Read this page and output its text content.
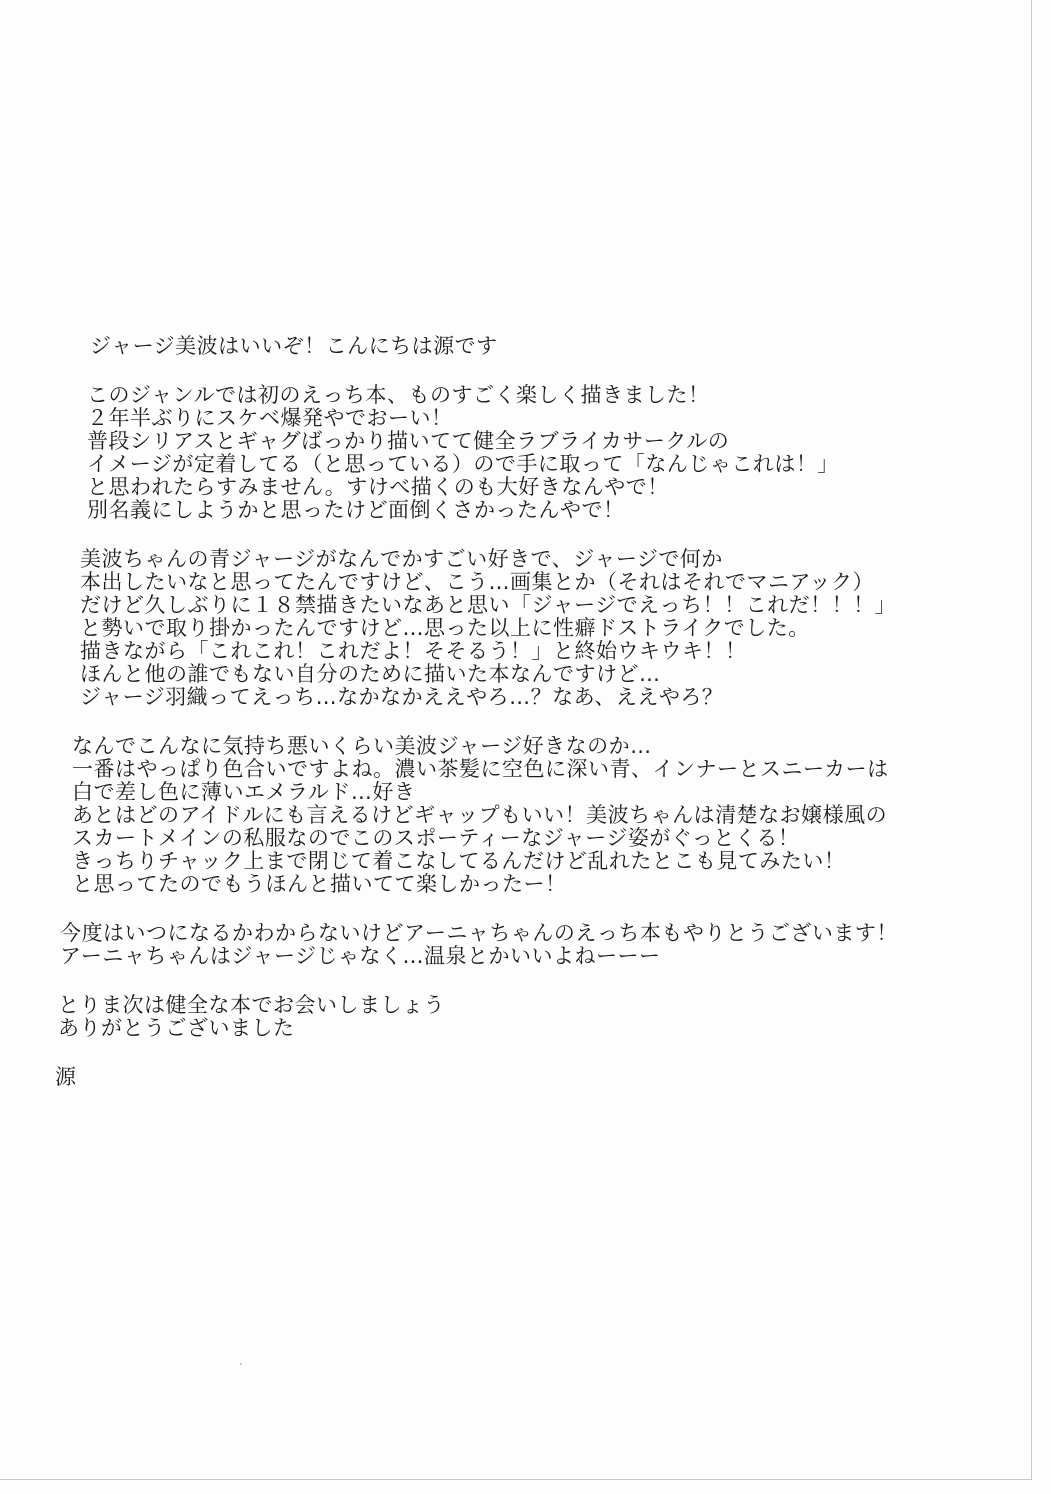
ジャージ美波はいいぞ！こんにちは源です
このジャンルでは初のえっち本、ものすごく楽しく描きました！
２年半ぶりにスケベ爆発やでおーい！
普段シリアスとギャグばっかり描いてて健全ラブライカサークルの
イメージが定着してる（と思っている）ので手に取って「なんじゃこれは！」
と思われたらすみません。すけべ描くのも大好きなんやで！
別名義にしようかと思ったけど面倒くさかったんやで！
美波ちゃんの青ジャージがなんでかすごい好きで、ジャージで何か
本出したいなと思ってたんですけど、こう…画集とか（それはそれでマニアック）
だけど久しぶりに１８禁描きたいなあと思い「ジャージでえっち！！これだ！！！」
と勢いで取り掛かったんですけど…思った以上に性癖ドストライクでした。
描きながら「これこれ！これだよ！そそるう！」と終始ウキウキ！！
ほんと他の誰でもない自分のために描いた本なんですけど…
ジャージ羽織ってえっち…なかなかええやろ…？なあ、ええやろ？
なんでこんなに気持ち悪いくらい美波ジャージ好きなのか…
一番はやっぱり色合いですよね。濃い茶髪に空色に深い青、インナーとスニーカーは
白で差し色に薄いエメラルド…好き
あとはどのアイドルにも言えるけどギャップもいい！美波ちゃんは清楚なお嬢様風の
スカートメインの私服なのでこのスポーティーなジャージ姿がぐっとくる！
きっちりチャック上まで閉じて着こなしてるんだけど乱れたとこも見てみたい！
と思ってたのでもうほんと描いてて楽しかったー！
今度はいつになるかわからないけどアーニャちゃんのえっち本もやりとうございます！
アーニャちゃんはジャージじゃなく…温泉とかいいよねーーー
とりま次は健全な本でお会いしましょう
ありがとうございました
源
